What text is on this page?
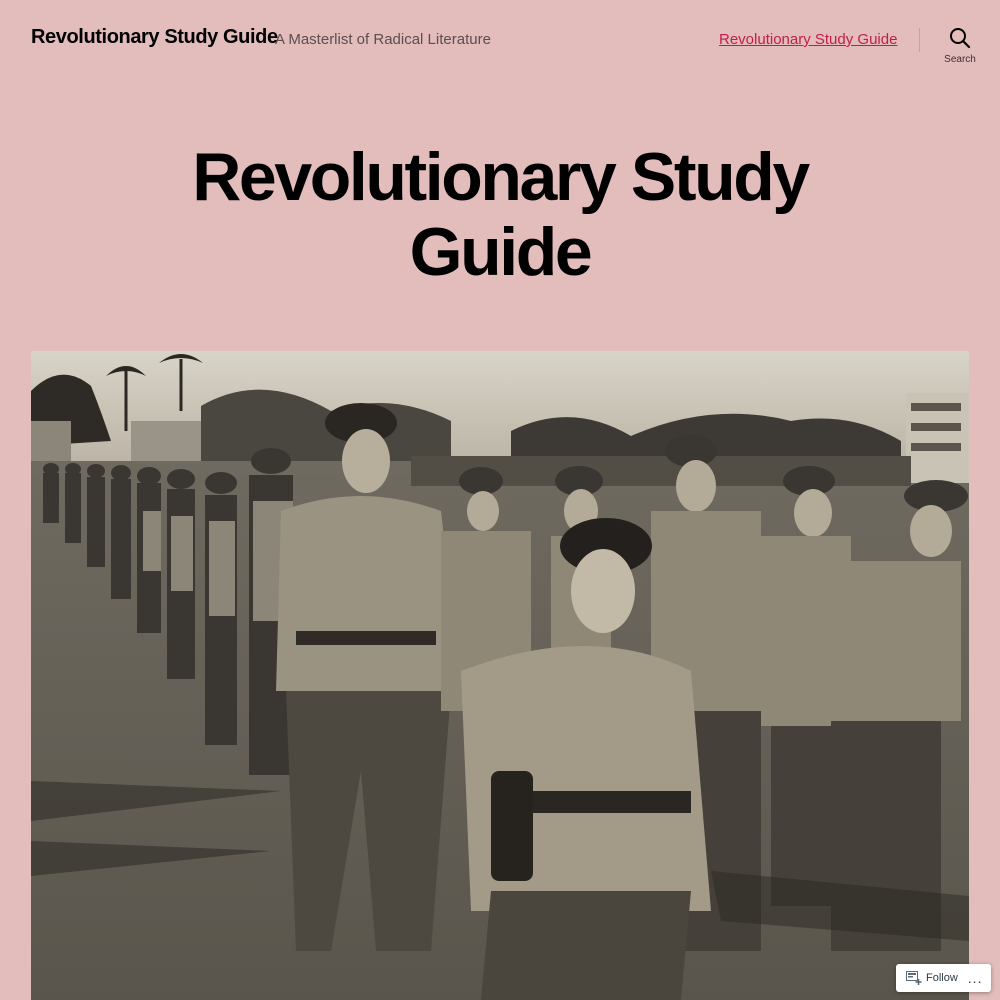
Revolutionary Study Guide
A Masterlist of Radical Literature	Revolutionary Study Guide
Search
Revolutionary Study Guide
Follow ...
